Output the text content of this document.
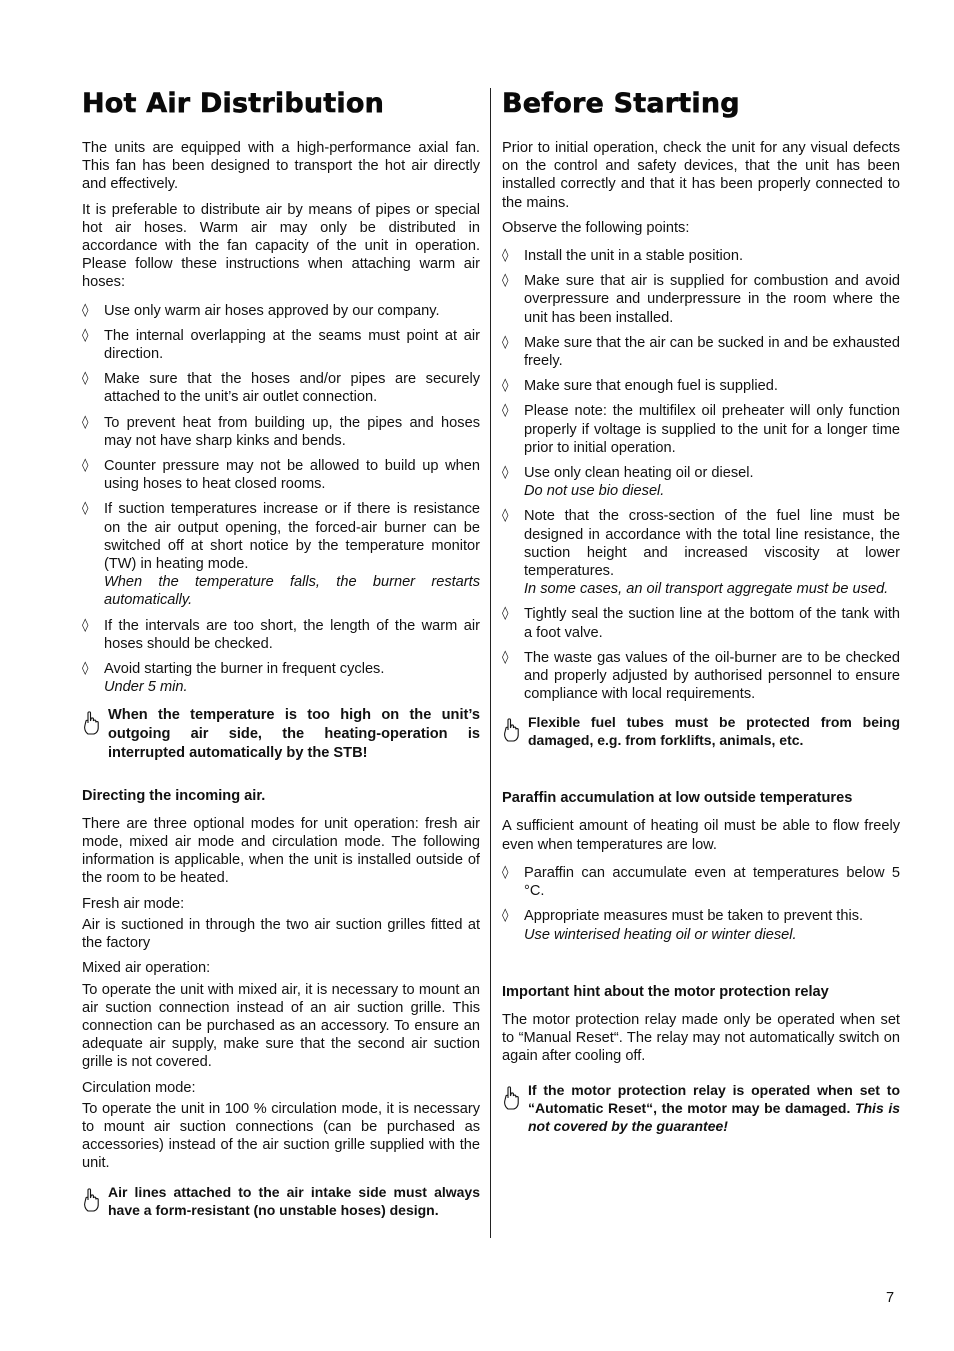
Hot Air Distribution

The units are equipped with a high-performance axial fan. This fan has been designed to transport the hot air directly and effectively.

It is preferable to distribute air by means of pipes or special hot air hoses. Warm air may only be distributed in accordance with the fan capacity of the unit in operation. Please follow these instructions when attaching warm air hoses:

◊ Use only warm air hoses approved by our company.
◊ The internal overlapping at the seams must point at air direction.
◊ Make sure that the hoses and/or pipes are securely attached to the unit’s air outlet connection.
◊ To prevent heat from building up, the pipes and hoses may not have sharp kinks and bends.
◊ Counter pressure may not be allowed to build up when using hoses to heat closed rooms.
◊ If suction temperatures increase or if there is resistance on the air output opening, the forced-air burner can be switched off at short notice by the temperature monitor (TW) in heating mode.
When the temperature falls, the burner restarts automatically.
◊ If the intervals are too short, the length of the warm air hoses should be checked.
◊ Avoid starting the burner in frequent cycles.
Under 5 min.

When the temperature is too high on the unit’s outgoing air side, the heating-operation is interrupted automatically by the STB!

Directing the incoming air.

There are three optional modes for unit operation: fresh air mode, mixed air mode and circulation mode. The following information is applicable, when the unit is installed outside of the room to be heated.

Fresh air mode:

Air is suctioned in through the two air suction grilles fitted at the factory

Mixed air operation:

To operate the unit with mixed air, it is necessary to mount an air suction connection instead of an air suction grille. This connection can be purchased as an accessory. To ensure an adequate air supply, make sure that the second air suction grille is not covered.

Circulation mode:

To operate the unit in 100 % circulation mode, it is necessary to mount air suction connections (can be purchased as accessories) instead of the air suction grille supplied with the unit.

Air lines attached to the air intake side must always have a form-resistant (no unstable hoses) design.

Before Starting

Prior to initial operation, check the unit for any visual defects on the control and safety devices, that the unit has been installed correctly and that it has been properly connected to the mains.

Observe the following points:

◊ Install the unit in a stable position.
◊ Make sure that air is supplied for combustion and avoid overpressure and underpressure in the room where the unit has been installed.
◊ Make sure that the air can be sucked in and be exhausted freely.
◊ Make sure that enough fuel is supplied.
◊ Please note: the multifilex oil preheater will only function properly if voltage is supplied to the unit for a longer time prior to initial operation.
◊ Use only clean heating oil or diesel.
Do not use bio diesel.
◊ Note that the cross-section of the fuel line must be designed in accordance with the total line resistance, the suction height and increased viscosity at lower temperatures.
In some cases, an oil transport aggregate must be used.
◊ Tightly seal the suction line at the bottom of the tank with a foot valve.
◊ The waste gas values of the oil-burner are to be checked and properly adjusted by authorised personnel to ensure compliance with local requirements.

Flexible fuel tubes must be protected from being damaged, e.g. from forklifts, animals, etc.

Paraffin accumulation at low outside temperatures

A sufficient amount of heating oil must be able to flow freely even when temperatures are low.

◊ Paraffin can accumulate even at temperatures below 5 °C.
◊ Appropriate measures must be taken to prevent this.
Use winterised heating oil or winter diesel.
Important hint about the motor protection relay

The motor protection relay made only be operated when set to “Manual Reset“. The relay may not automatically switch on again after cooling off.

If the motor protection relay is operated when set to “Automatic Reset“, the motor may be damaged. This is not covered by the guarantee!

7
